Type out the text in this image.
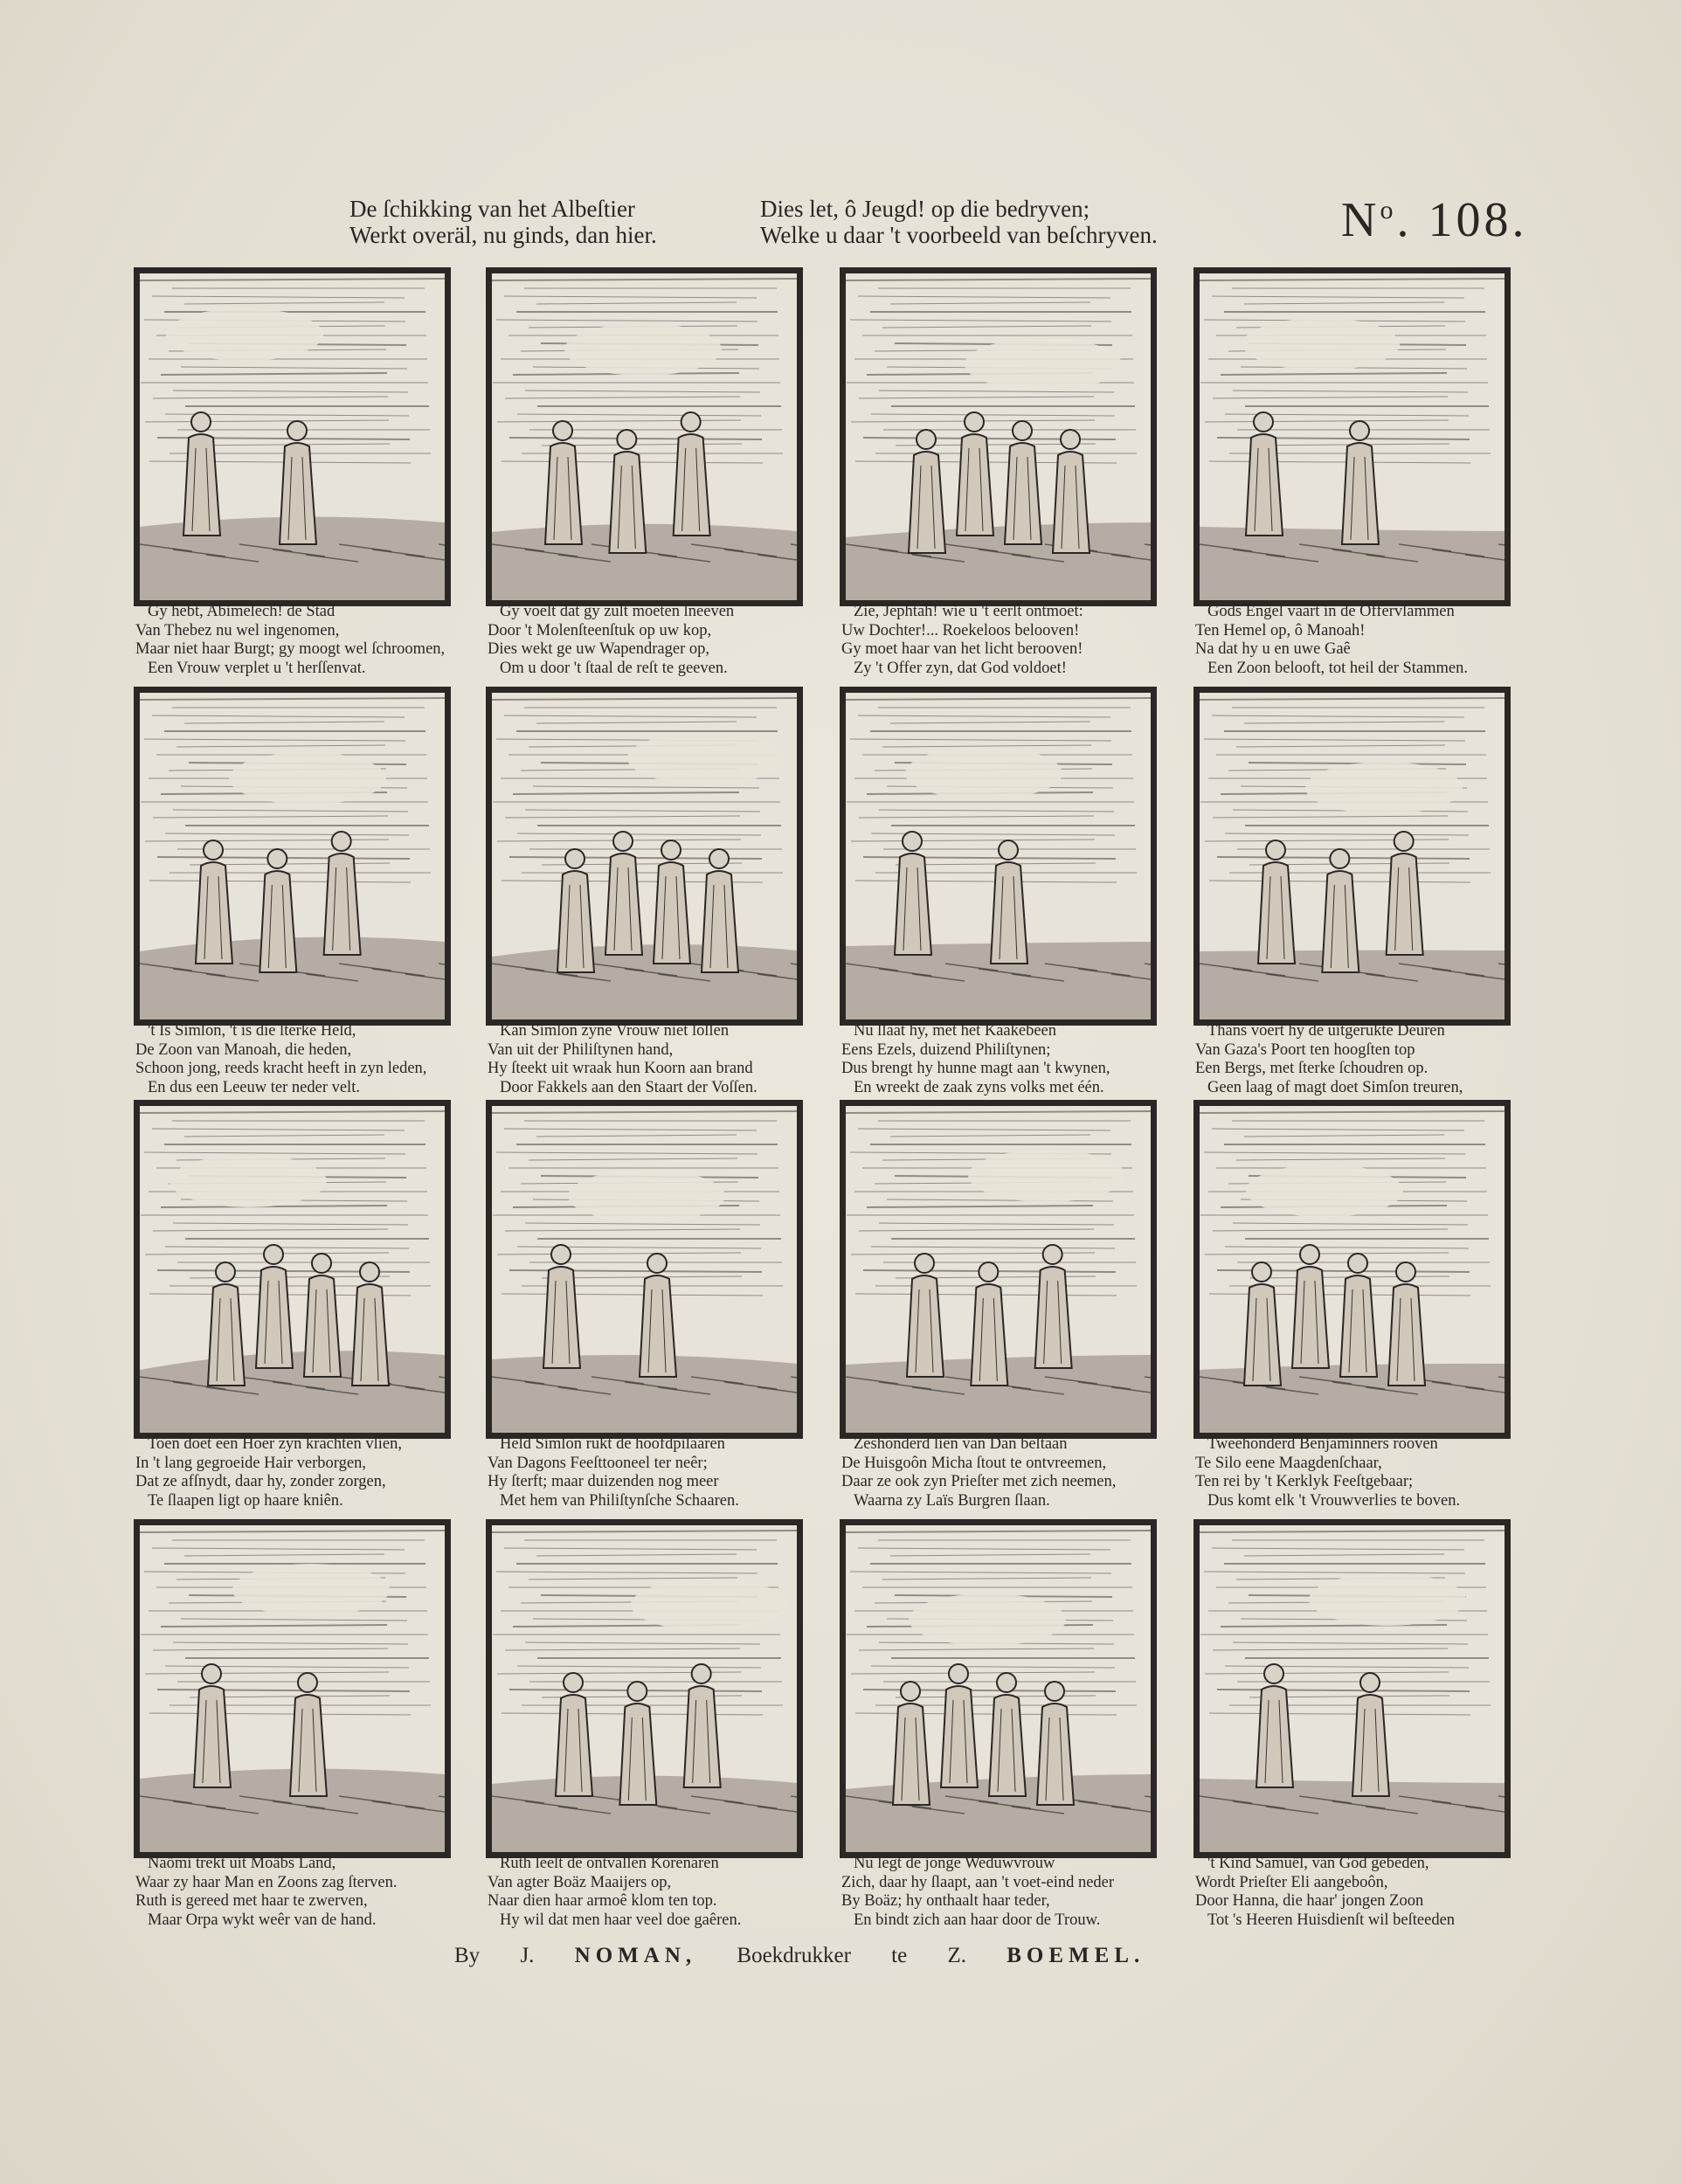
De ſchikking van het Albeſtier
Werkt overäl, nu ginds, dan hier.
Dies let, ô Jeugd! op die bedryven;
Welke u daar 't voorbeeld van beſchryven.	$N^o$. 108.
Gy hebt, Abimelech! de Stad
Van Thebez nu wel ingenomen,
Maar niet haar Burgt; gy moogt wel ſchroomen,
Een Vrouw verplet u 't herſſenvat.
Gy voelt dat gy zult moeten ſneeven
Door 't Molenſteenſtuk op uw kop,
Dies wekt ge uw Wapendrager op,
Om u door 't ſtaal de reſt te geeven.
Zie, Jephtah! wie u 't eerſt ontmoet:
Uw Dochter!... Roekeloos belooven!
Gy moet haar van het licht berooven!
Zy 't Offer zyn, dat God voldoet!
Gods Engel vaart in de Offervlammen
Ten Hemel op, ô Manoah!
Na dat hy u en uwe Gaê
Een Zoon belooft, tot heil der Stammen.
't Is Simſon, 't is die ſterke Held,
De Zoon van Manoah, die heden,
Schoon jong, reeds kracht heeft in zyn leden,
En dus een Leeuw ter neder velt.
Kan Simſon zyne Vrouw niet loſſen
Van uit der Philiſtynen hand,
Hy ſteekt uit wraak hun Koorn aan brand
Door Fakkels aan den Staart der Voſſen.
Nu ſlaat hy, met het Kaakebeen
Eens Ezels, duizend Philiſtynen;
Dus brengt hy hunne magt aan 't kwynen,
En wreekt de zaak zyns volks met één.
Thans voert hy de uitgerukte Deuren
Van Gaza's Poort ten hoogſten top
Een Bergs, met ſterke ſchoudren op.
Geen laag of magt doet Simſon treuren,
Toen doet een Hoer zyn krachten vlien,
In 't lang gegroeide Hair verborgen,
Dat ze afſnydt, daar hy, zonder zorgen,
Te ſlaapen ligt op haare kniên.
Held Simſon rukt de hoofdpilaaren
Van Dagons Feeſttooneel ter neêr;
Hy ſterft; maar duizenden nog meer
Met hem van Philiſtynſche Schaaren.
Zeshonderd liên van Dan beſtaan
De Huisgoôn Micha ſtout te ontvreemen,
Daar ze ook zyn Prieſter met zich neemen,
Waarna zy Laïs Burgren ſlaan.
Tweehonderd Benjaminners rooven
Te Silo eene Maagdenſchaar,
Ten rei by 't Kerklyk Feeſtgebaar;
Dus komt elk 't Vrouwverlies te boven.
Naömi trekt uit Moäbs Land,
Waar zy haar Man en Zoons zag ſterven.
Ruth is gereed met haar te zwerven,
Maar Orpa wykt weêr van de hand.
Ruth leeſt de ontvallen Korenâren
Van agter Boäz Maaijers op,
Naar dien haar armoê klom ten top.
Hy wil dat men haar veel doe gaêren.
Nu legt de jonge Weduwvrouw
Zich, daar hy ſlaapt, aan 't voet-eind neder
By Boäz; hy onthaalt haar teder,
En bindt zich aan haar door de Trouw.
't Kind Samuël, van God gebeden,
Wordt Prieſter Eli aangeboôn,
Door Hanna, die haar' jongen Zoon
Tot 's Heeren Huisdienſt wil beſteeden
By J. NOMAN, Boekdrukker te Z. BOEMEL.
